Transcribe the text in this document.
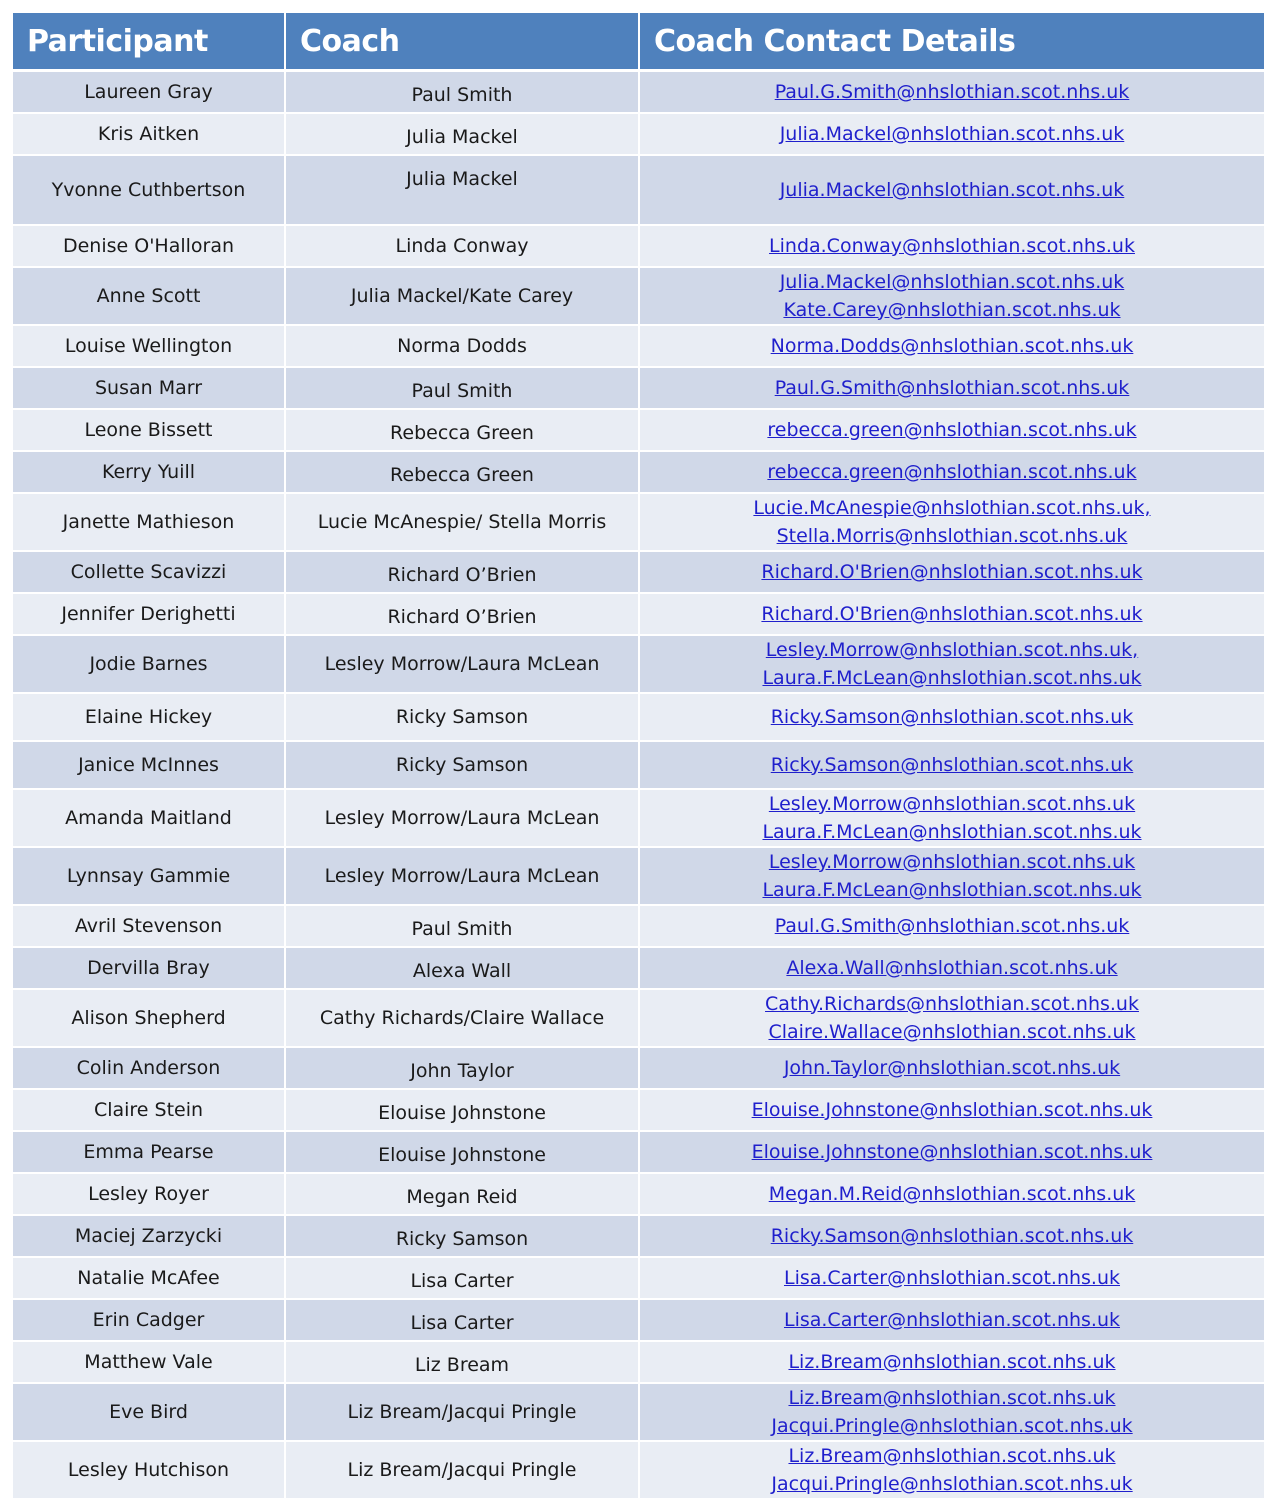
Participant	Coach	Coach Contact Details
Laureen Gray	Paul Smith	Paul.G.Smith@nhslothian.scot.nhs.uk

Kris Aitken	Julia Mackel	Julia.Mackel@nhslothian.scot.nhs.uk

Yvonne Cuthbertson	Julia Mackel	Julia.Mackel@nhslothian.scot.nhs.uk

Denise O'Halloran	Linda Conway	Linda.Conway@nhslothian.scot.nhs.uk

Anne Scott	Julia Mackel/Kate Carey	Julia.Mackel@nhslothian.scot.nhs.uk
Kate.Carey@nhslothian.scot.nhs.uk

Louise Wellington	Norma Dodds	Norma.Dodds@nhslothian.scot.nhs.uk

Susan Marr	Paul Smith	Paul.G.Smith@nhslothian.scot.nhs.uk

Leone Bissett	Rebecca Green	rebecca.green@nhslothian.scot.nhs.uk

Kerry Yuill	Rebecca Green	rebecca.green@nhslothian.scot.nhs.uk

Janette Mathieson	Lucie McAnespie/ Stella Morris	Lucie.McAnespie@nhslothian.scot.nhs.uk,
Stella.Morris@nhslothian.scot.nhs.uk

Collette Scavizzi	Richard O’Brien	Richard.O'Brien@nhslothian.scot.nhs.uk

Jennifer Derighetti	Richard O’Brien	Richard.O'Brien@nhslothian.scot.nhs.uk

Jodie Barnes	Lesley Morrow/Laura McLean	Lesley.Morrow@nhslothian.scot.nhs.uk,
Laura.F.McLean@nhslothian.scot.nhs.uk

Elaine Hickey	Ricky Samson	Ricky.Samson@nhslothian.scot.nhs.uk

Janice McInnes	Ricky Samson	Ricky.Samson@nhslothian.scot.nhs.uk

Amanda Maitland	Lesley Morrow/Laura McLean	Lesley.Morrow@nhslothian.scot.nhs.uk
Laura.F.McLean@nhslothian.scot.nhs.uk

Lynnsay Gammie	Lesley Morrow/Laura McLean	Lesley.Morrow@nhslothian.scot.nhs.uk
Laura.F.McLean@nhslothian.scot.nhs.uk

Avril Stevenson	Paul Smith	Paul.G.Smith@nhslothian.scot.nhs.uk

Dervilla Bray	Alexa Wall	Alexa.Wall@nhslothian.scot.nhs.uk

Alison Shepherd	Cathy Richards/Claire Wallace	Cathy.Richards@nhslothian.scot.nhs.uk
Claire.Wallace@nhslothian.scot.nhs.uk

Colin Anderson	John Taylor	John.Taylor@nhslothian.scot.nhs.uk

Claire Stein	Elouise Johnstone	Elouise.Johnstone@nhslothian.scot.nhs.uk

Emma Pearse	Elouise Johnstone	Elouise.Johnstone@nhslothian.scot.nhs.uk

Lesley Royer	Megan Reid	Megan.M.Reid@nhslothian.scot.nhs.uk

Maciej Zarzycki	Ricky Samson	Ricky.Samson@nhslothian.scot.nhs.uk

Natalie McAfee	Lisa Carter	Lisa.Carter@nhslothian.scot.nhs.uk

Erin Cadger	Lisa Carter	Lisa.Carter@nhslothian.scot.nhs.uk

Matthew Vale	Liz Bream	Liz.Bream@nhslothian.scot.nhs.uk

Eve Bird	Liz Bream/Jacqui Pringle	Liz.Bream@nhslothian.scot.nhs.uk
Jacqui.Pringle@nhslothian.scot.nhs.uk

Lesley Hutchison	Liz Bream/Jacqui Pringle	Liz.Bream@nhslothian.scot.nhs.uk
Jacqui.Pringle@nhslothian.scot.nhs.uk
